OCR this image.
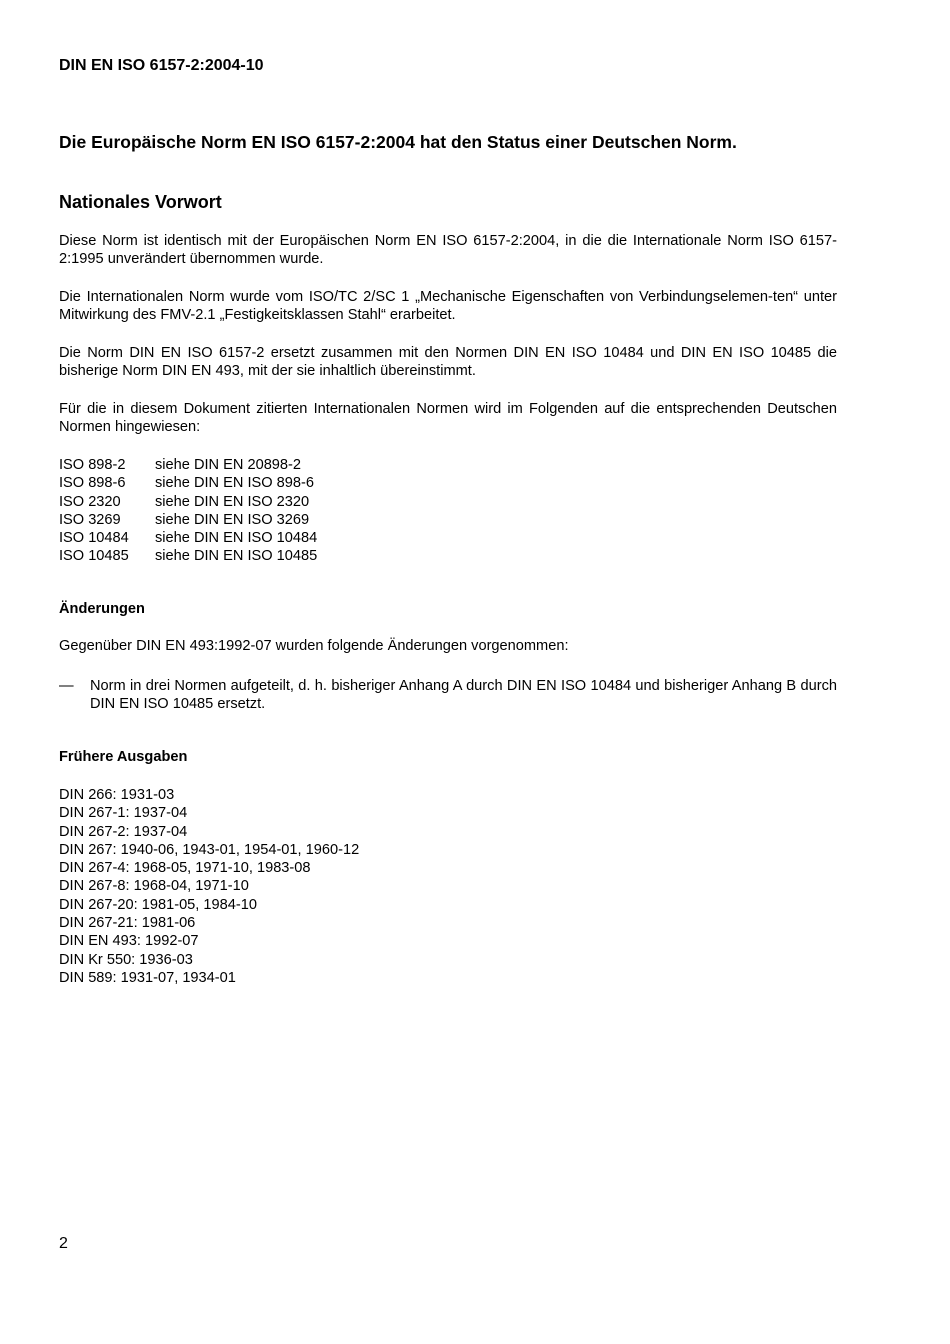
DIN EN ISO 6157-2:2004-10
Die Europäische Norm EN ISO 6157-2:2004 hat den Status einer Deutschen Norm.
Nationales Vorwort

Diese Norm ist identisch mit der Europäischen Norm EN ISO 6157-2:2004, in die die Internationale Norm ISO 6157-2:1995 unverändert übernommen wurde.

Die Internationalen Norm wurde vom ISO/TC 2/SC 1 „Mechanische Eigenschaften von Verbindungselemen-ten“ unter Mitwirkung des FMV-2.1 „Festigkeitsklassen Stahl“ erarbeitet.

Die Norm DIN EN ISO 6157-2 ersetzt zusammen mit den Normen DIN EN ISO 10484 und DIN EN ISO 10485 die bisherige Norm DIN EN 493, mit der sie inhaltlich übereinstimmt.

Für die in diesem Dokument zitierten Internationalen Normen wird im Folgenden auf die entsprechenden Deutschen Normen hingewiesen:

ISO 898-2	siehe DIN EN 20898-2
ISO 898-6	siehe DIN EN ISO 898-6
ISO 2320	siehe DIN EN ISO 2320
ISO 3269	siehe DIN EN ISO 3269
ISO 10484	siehe DIN EN ISO 10484
ISO 10485	siehe DIN EN ISO 10485
Änderungen
Gegenüber DIN EN 493:1992-07 wurden folgende Änderungen vorgenommen:
—	Norm in drei Normen aufgeteilt, d. h. bisheriger Anhang A durch DIN EN ISO 10484 und bisheriger Anhang B durch DIN EN ISO 10485 ersetzt.
Frühere Ausgaben
DIN 266: 1931-03
DIN 267-1: 1937-04
DIN 267-2: 1937-04
DIN 267: 1940-06, 1943-01, 1954-01, 1960-12
DIN 267-4: 1968-05, 1971-10, 1983-08
DIN 267-8: 1968-04, 1971-10
DIN 267-20: 1981-05, 1984-10
DIN 267-21: 1981-06
DIN EN 493: 1992-07
DIN Kr 550: 1936-03
DIN 589: 1931-07, 1934-01
2
